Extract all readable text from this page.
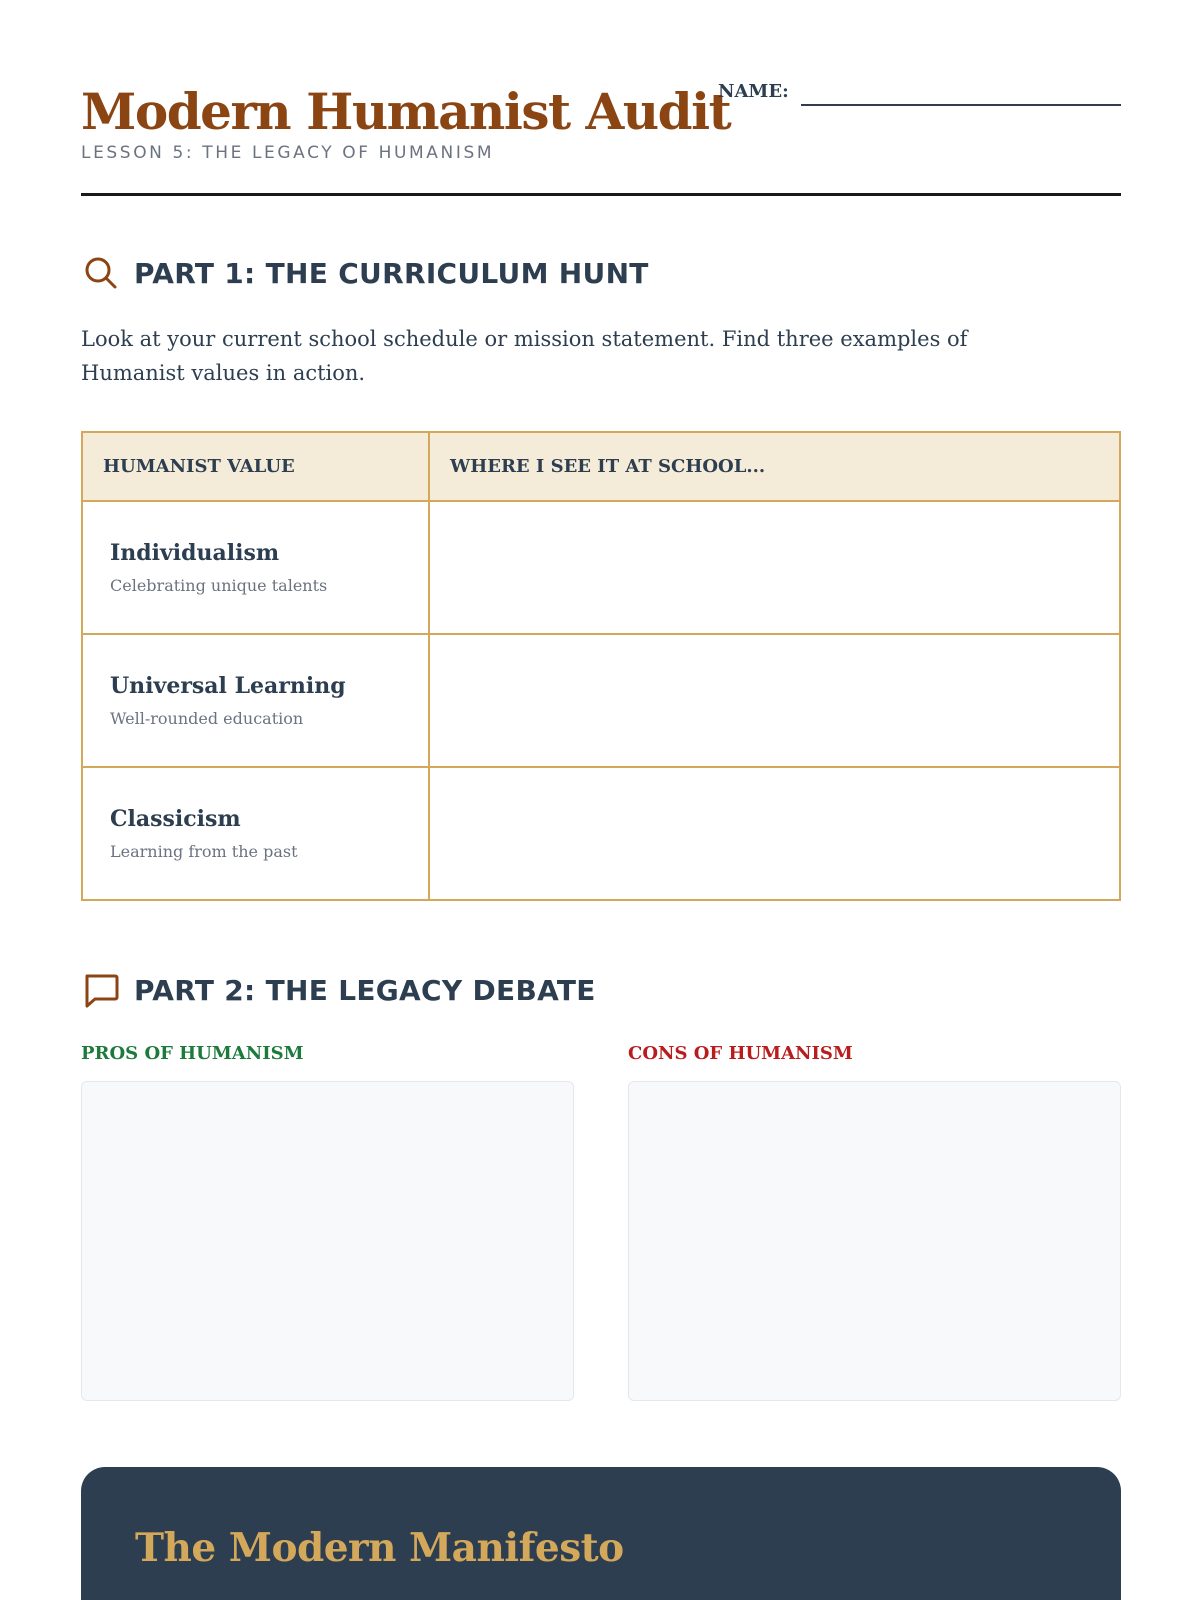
Modern Humanist Audit
LESSON 5: THE LEGACY OF HUMANISM
NAME:
PART 1: THE CURRICULUM HUNT

Look at your current school schedule or mission statement. Find three examples of Humanist values in action.

HUMANIST VALUE	WHERE I SEE IT AT SCHOOL...

Individualism
Celebrating unique talents	

Universal Learning
Well-rounded education	

Classicism
Learning from the past	

PART 2: THE LEGACY DEBATE
PROS OF HUMANISM	CONS OF HUMANISM
The Modern Manifesto
